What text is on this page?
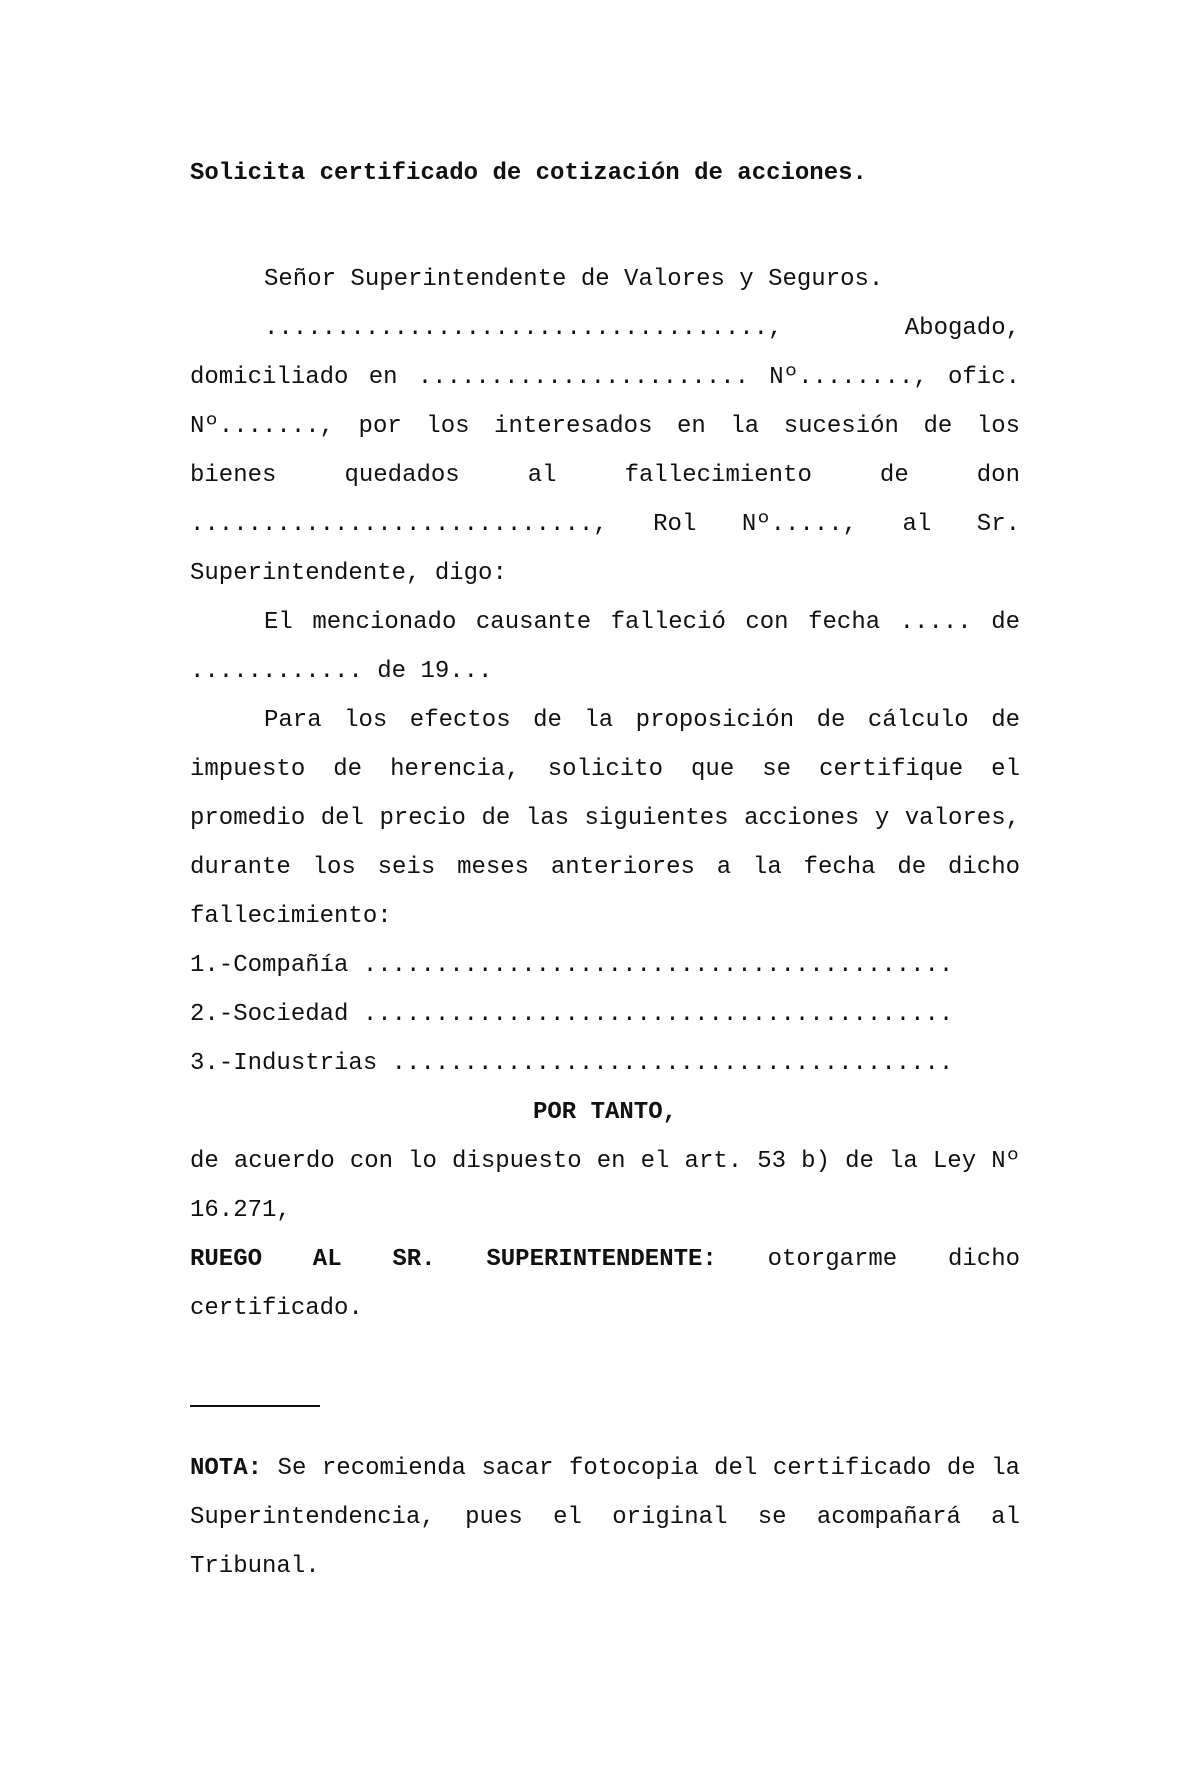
Solicita certificado de cotización de acciones.

Señor Superintendente de Valores y Seguros.

..................................., Abogado, domiciliado en ....................... Nº........, ofic. Nº......., por los interesados en la sucesión de los bienes quedados al fallecimiento de don ............................, Rol Nº....., al Sr. Superintendente, digo:

El mencionado causante falleció con fecha ..... de ............ de 19...

Para los efectos de la proposición de cálculo de impuesto de herencia, solicito que se certifique el promedio del precio de las siguientes acciones y valores, durante los seis meses anteriores a la fecha de dicho fallecimiento:

1.-Compañía .........................................

2.-Sociedad .........................................

3.-Industrias .......................................

POR TANTO,

de acuerdo con lo dispuesto en el art. 53 b) de la Ley Nº 16.271,

RUEGO AL SR. SUPERINTENDENTE: otorgarme dicho certificado.

NOTA: Se recomienda sacar fotocopia del certificado de la Superintendencia, pues el original se acompañará al Tribunal.
